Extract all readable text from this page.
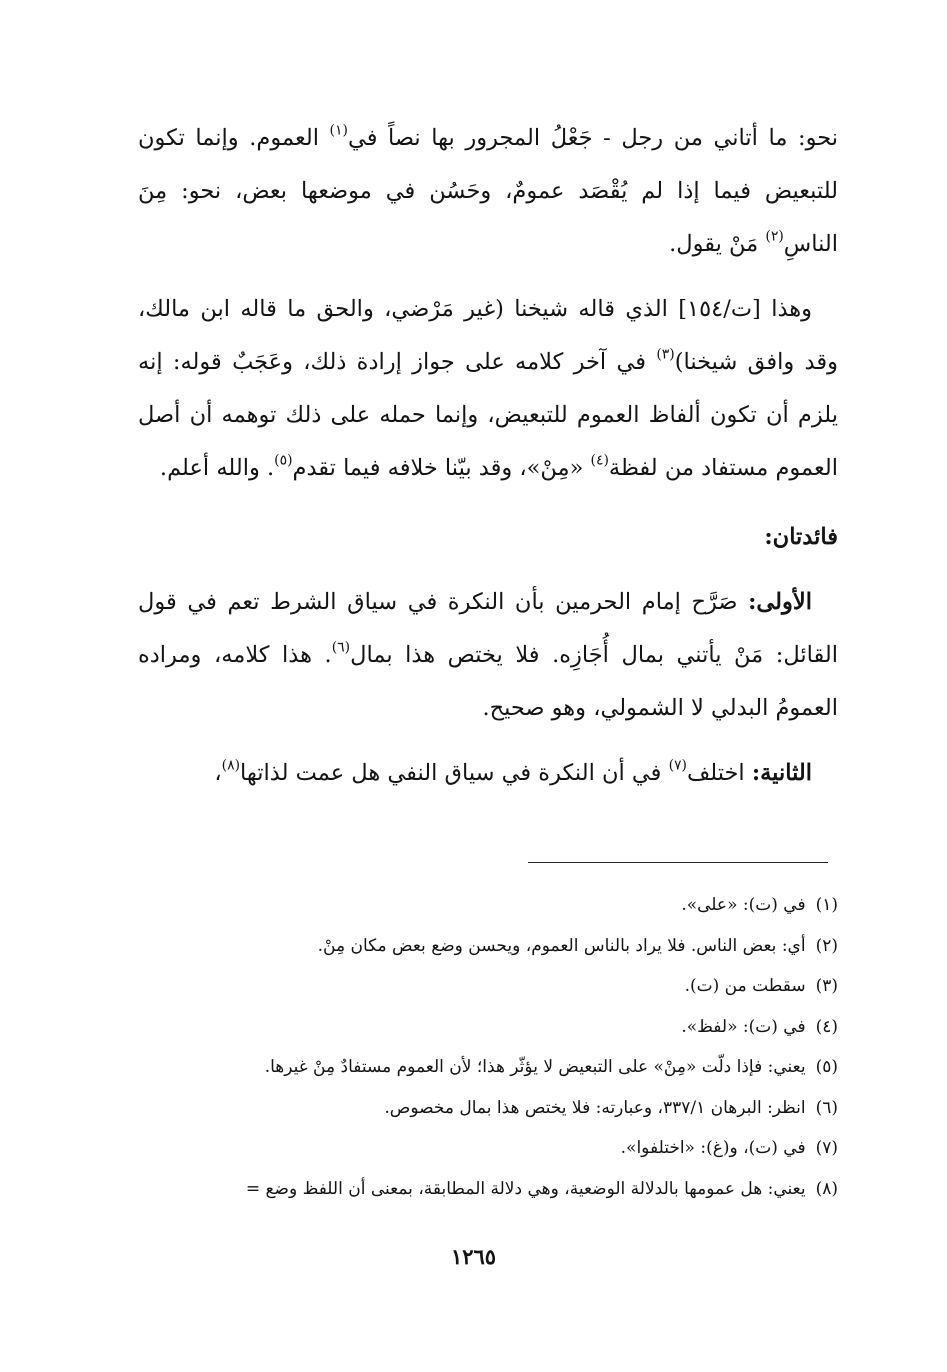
نحو: ما أتاني من رجل - جَعْلُ المجرور بها نصاً في$^{(١)}$ العموم. وإنما تكون للتبعيض فيما إذا لم يُقْصَد عمومٌ، وحَسُن في موضعها بعض، نحو: مِنَ الناسِ$^{(٢)}$ مَنْ يقول.

وهذا [ت/١٥٤] الذي قاله شيخنا (غير مَرْضي، والحق ما قاله ابن مالك، وقد وافق شيخنا)$^{(٣)}$ في آخر كلامه على جواز إرادة ذلك، وعَجَبٌ قوله: إنه يلزم أن تكون ألفاظ العموم للتبعيض، وإنما حمله على ذلك توهمه أن أصل العموم مستفاد من لفظة$^{(٤)}$ «مِنْ»، وقد بيّنا خلافه فيما تقدم$^{(٥)}$. والله أعلم.

فائدتان:

الأولى: صَرَّح إمام الحرمين بأن النكرة في سياق الشرط تعم في قول القائل: مَنْ يأتني بمال أُجَازِه. فلا يختص هذا بمال$^{(٦)}$. هذا كلامه، ومراده العمومُ البدلي لا الشمولي، وهو صحيح.

الثانية: اختلف$^{(٧)}$ في أن النكرة في سياق النفي هل عمت لذاتها$^{(٨)}$،

(١)في (ت): «على».
(٢)أي: بعض الناس. فلا يراد بالناس العموم، ويحسن وضع بعض مكان مِنْ.
(٣)سقطت من (ت).
(٤)في (ت): «لفظ».
(٥)يعني: فإذا دلّت «مِنْ» على التبعيض لا يؤثّر هذا؛ لأن العموم مستفادٌ مِنْ غيرها.
(٦)انظر: البرهان ٣٣٧/١، وعبارته: فلا يختص هذا بمال مخصوص.
(٧)في (ت)، و(غ): «اختلفوا».
(٨)يعني: هل عمومها بالدلالة الوضعية، وهي دلالة المطابقة، بمعنى أن اللفظ وضع =
١٢٦٥
